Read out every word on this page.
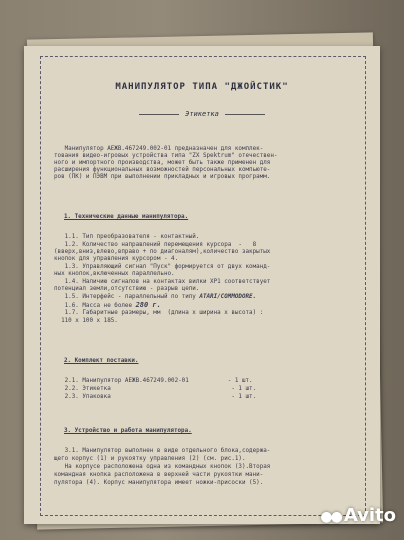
МАНИПУЛЯТОР ТИПА "ДЖОЙСТИК"
Этикетка
Манипулятор АЕЖВ.467249.002-01 предназначен для комплек-
тования видео-игровых устройства типа "ZX Spektrum" отечествен-
ного и импортного производства, может быть также применен для
расширения функциональных возможностей персональных компьюте-
ров (ПК) и ПЭВМ при выполнении прикладных и игровых программ.
1. Технические данные манипулятора.
1.1. Тип преобразователя - контактный.
1.2. Количество направлений перемещения курсора  -   8
(вверх,вниз,влево,вправо + по диагоналям),количество закрытых
кнопок для управления курсором - 4.
1.3. Управляющий сигнал "Пуск" формируется от двух команд-
ных кнопок,включенных параллельно.
1.4. Наличию сигналов на контактах вилки ХР1 соответствует
потенциал земли,отсутствию - разрыв цепи.
1.5. Интерфейс - параллельный по типу ATARI/COMMODORE.
1.6. Масса не более 280 г.
1.7. Габаритные размеры, мм  (длина х ширина х высота) :
110 х 100 х 185.
2. Комплект поставки.
2.1. Манипулятор АЕЖВ.467249.002-01           - 1 шт.
2.2. Этикетка                                  - 1 шт.
2.3. Упаковка                                  - 1 шт.
3. Устройство и работа манипулятора.
3.1. Манипулятор выполнен в виде отдельного блока,содержа-
щего корпус (1) и рукоятку управления (2) (см. рис.1).
На корпусе расположена одна из командных кнопок (3).Вторая
командная кнопка расположена в верхней части рукоятки мани-
пулятора (4). Корпус манипулятора имеет ножки-присоски (5).
●● Avito
